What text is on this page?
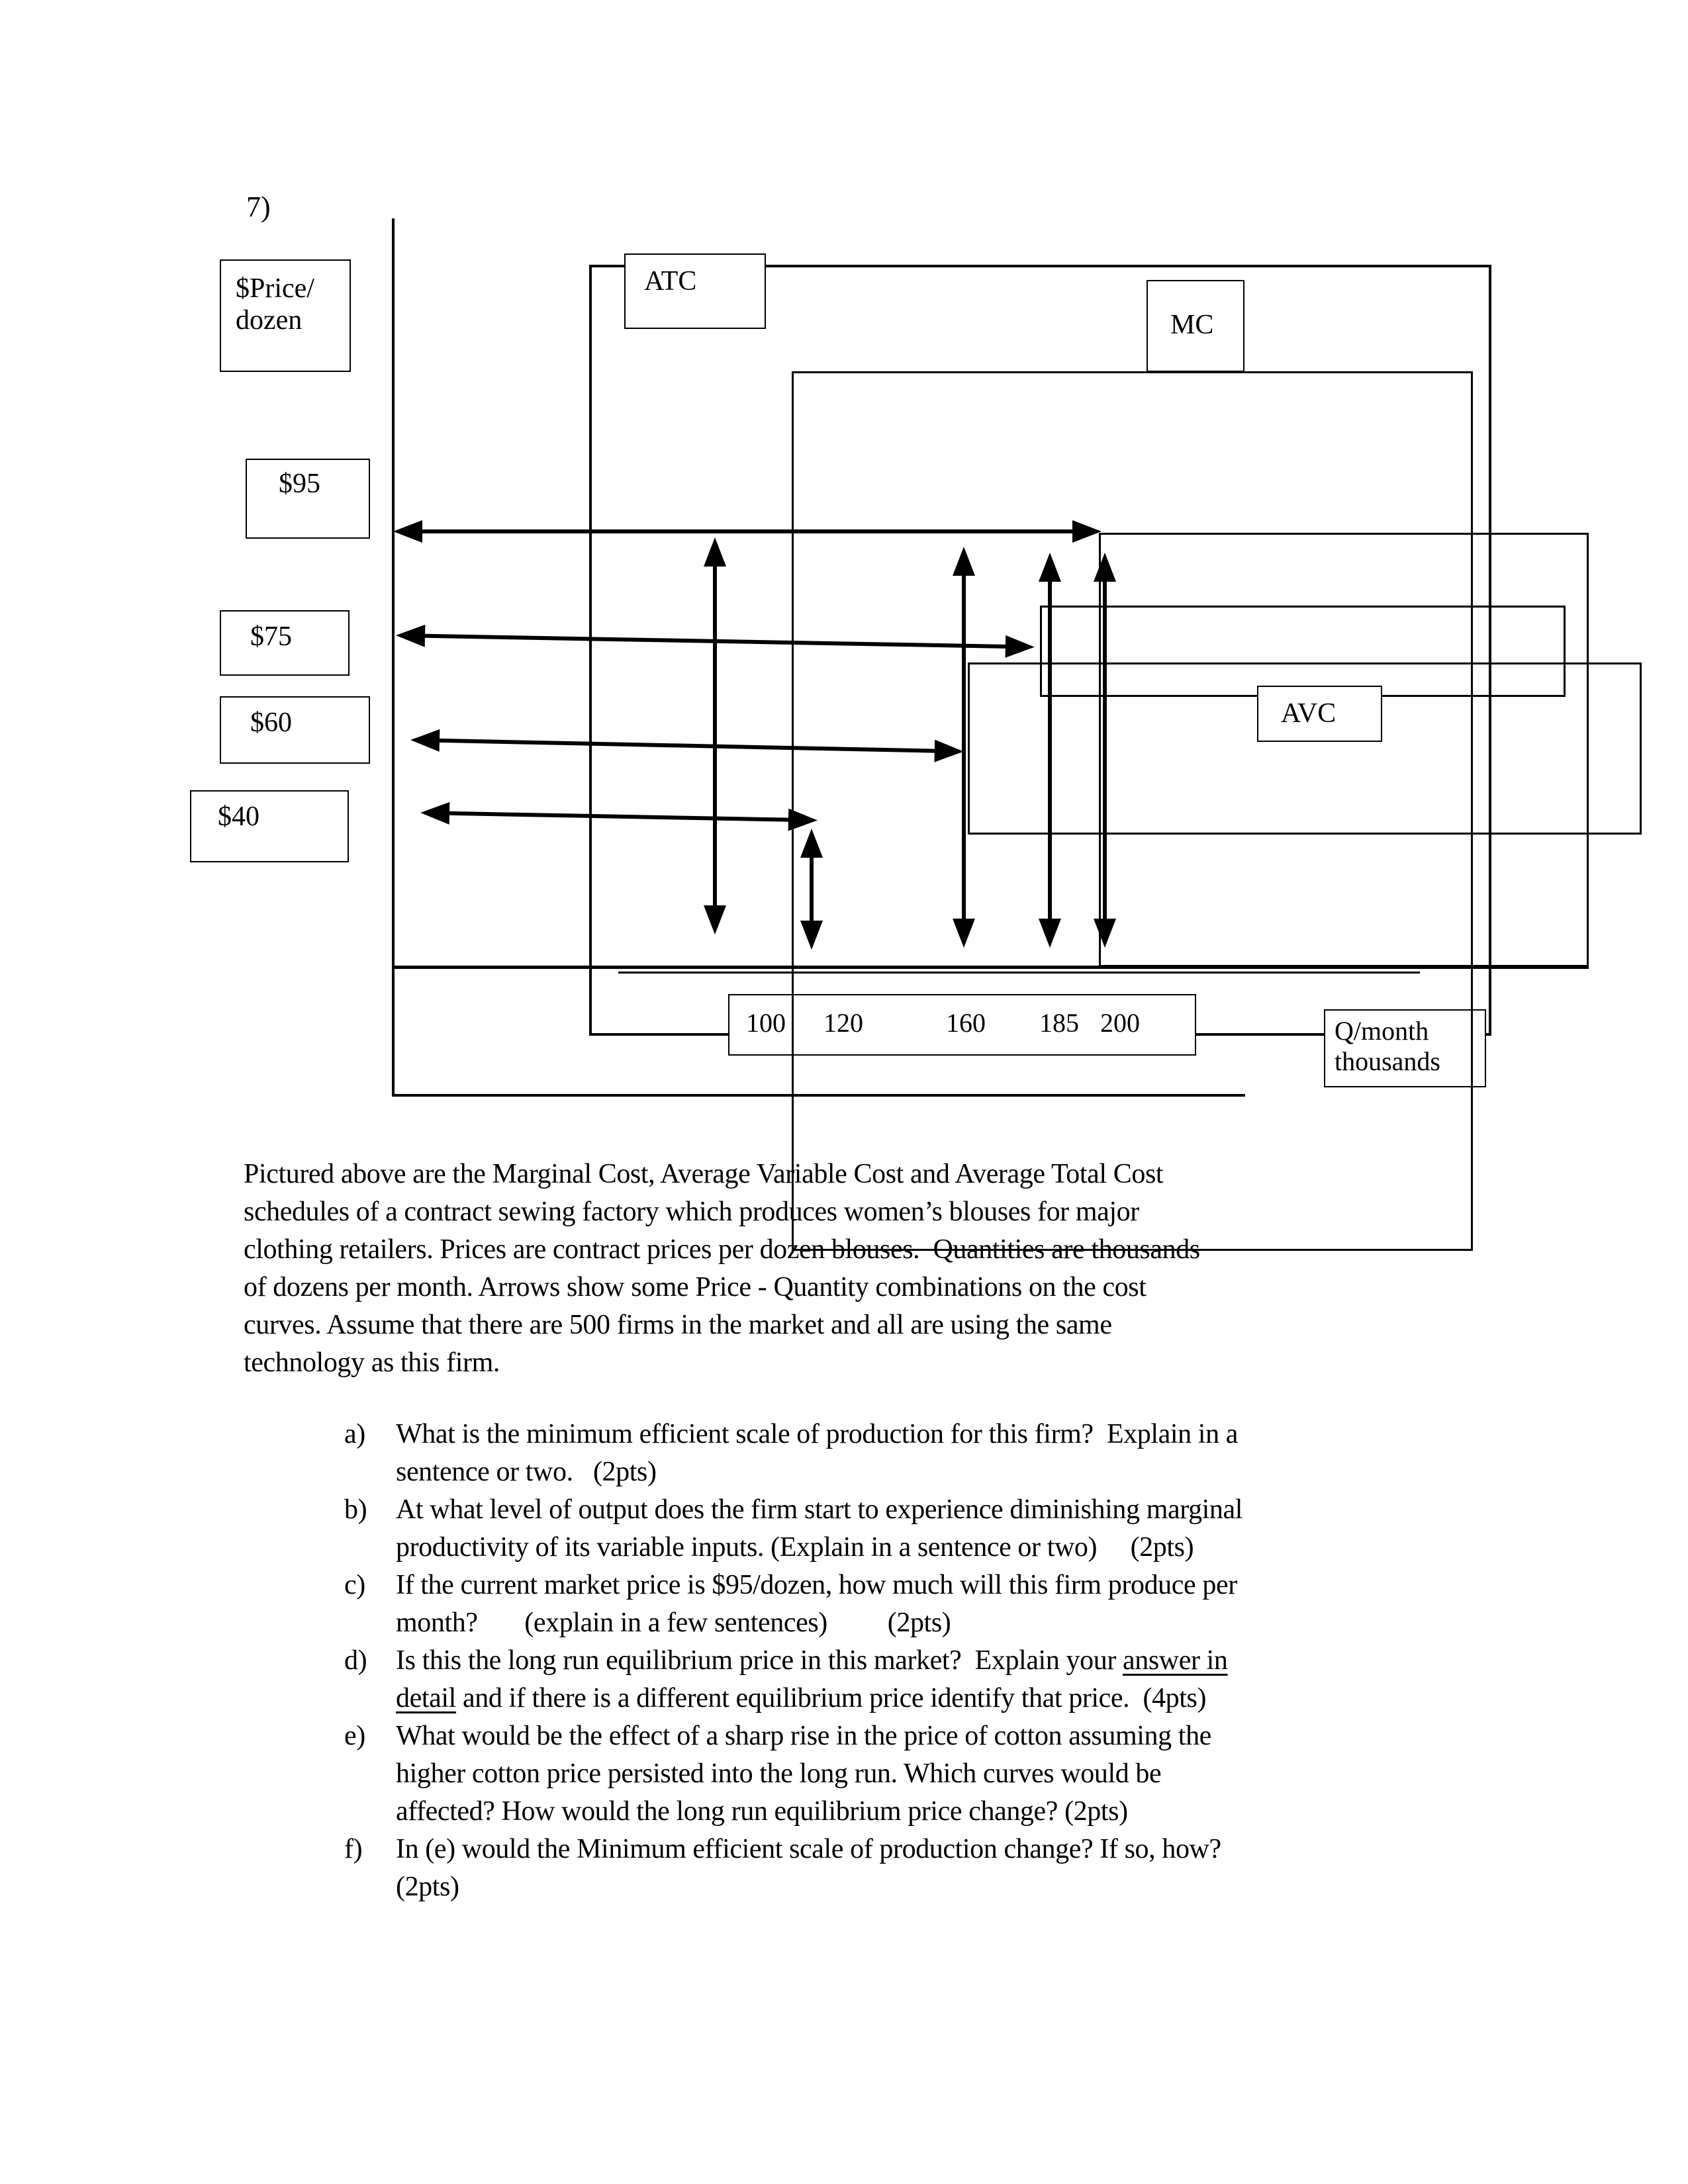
7)
100 120	160 185 200	Q/month
thousands
$Price/
dozen
$95
$75
$60
$40
ATC
MC
AVC
Pictured above are the Marginal Cost, Average Variable Cost and Average Total Cost
schedules of a contract sewing factory which produces women’s blouses for major
clothing retailers. Prices are contract prices per dozen blouses.  Quantities are thousands
of dozens per month. Arrows show some Price - Quantity combinations on the cost
curves. Assume that there are 500 firms in the market and all are using the same
technology as this firm.
a) What is the minimum efficient scale of production for this firm?  Explain in a
sentence or two.   (2pts)
b) At what level of output does the firm start to experience diminishing marginal
productivity of its variable inputs. (Explain in a sentence or two)     (2pts)
c) If the current market price is $95/dozen, how much will this firm produce per
month?       (explain in a few sentences)         (2pts)
d) Is this the long run equilibrium price in this market?  Explain your answer in
detail and if there is a different equilibrium price identify that price.  (4pts)
e) What would be the effect of a sharp rise in the price of cotton assuming the
higher cotton price persisted into the long run. Which curves would be
affected? How would the long run equilibrium price change? (2pts)
f) In (e) would the Minimum efficient scale of production change? If so, how?
(2pts)
